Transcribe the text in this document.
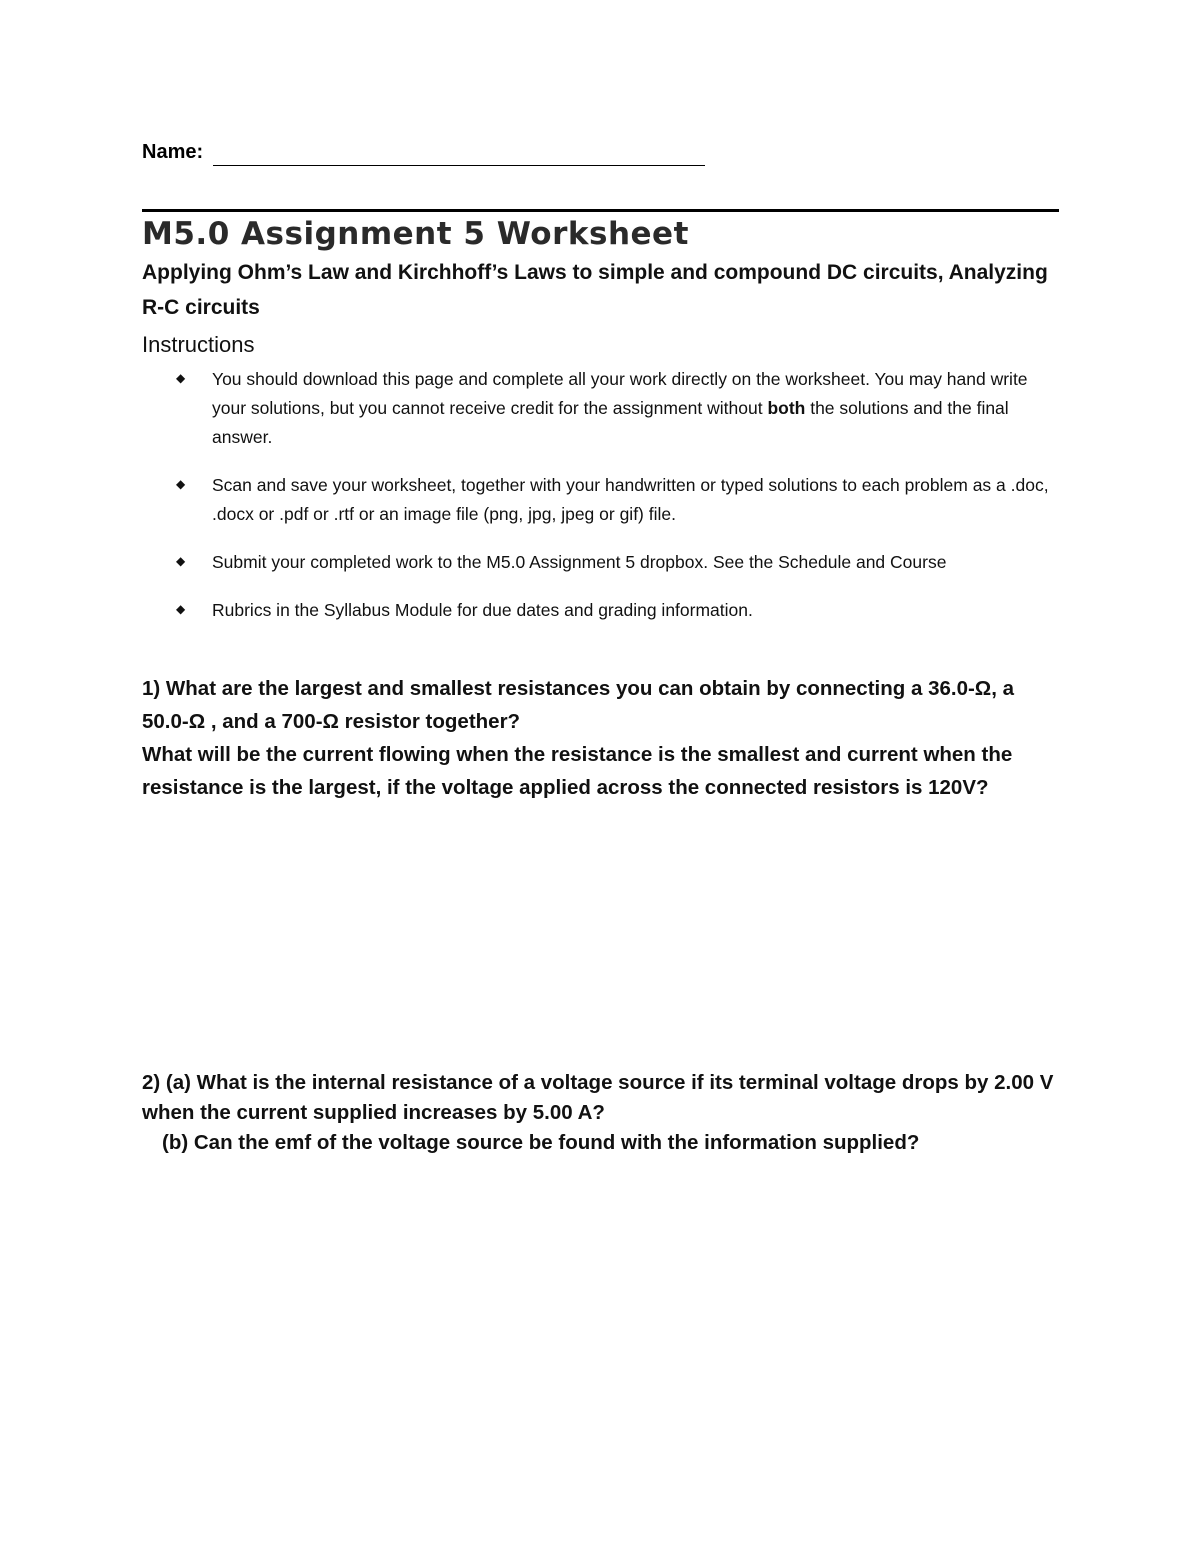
Name:
M5.0 Assignment 5 Worksheet
Applying Ohm’s Law and Kirchhoff’s Laws to simple and compound DC circuits, Analyzing R-C circuits
Instructions
◆ You should download this page and complete all your work directly on the worksheet. You may hand write your solutions, but you cannot receive credit for the assignment without both the solutions and the final answer.
◆ Scan and save your worksheet, together with your handwritten or typed solutions to each problem as a .doc, .docx or .pdf or .rtf or an image file (png, jpg, jpeg or gif) file.
◆ Submit your completed work to the M5.0 Assignment 5 dropbox. See the Schedule and Course
◆ Rubrics in the Syllabus Module for due dates and grading information.
1) What are the largest and smallest resistances you can obtain by connecting a 36.0-Ω, a 50.0-Ω , and a 700-Ω resistor together?
What will be the current flowing when the resistance is the smallest and current when the resistance is the largest, if the voltage applied across the connected resistors is 120V?
2) (a) What is the internal resistance of a voltage source if its terminal voltage drops by 2.00 V when the current supplied increases by 5.00 A?
(b) Can the emf of the voltage source be found with the information supplied?
